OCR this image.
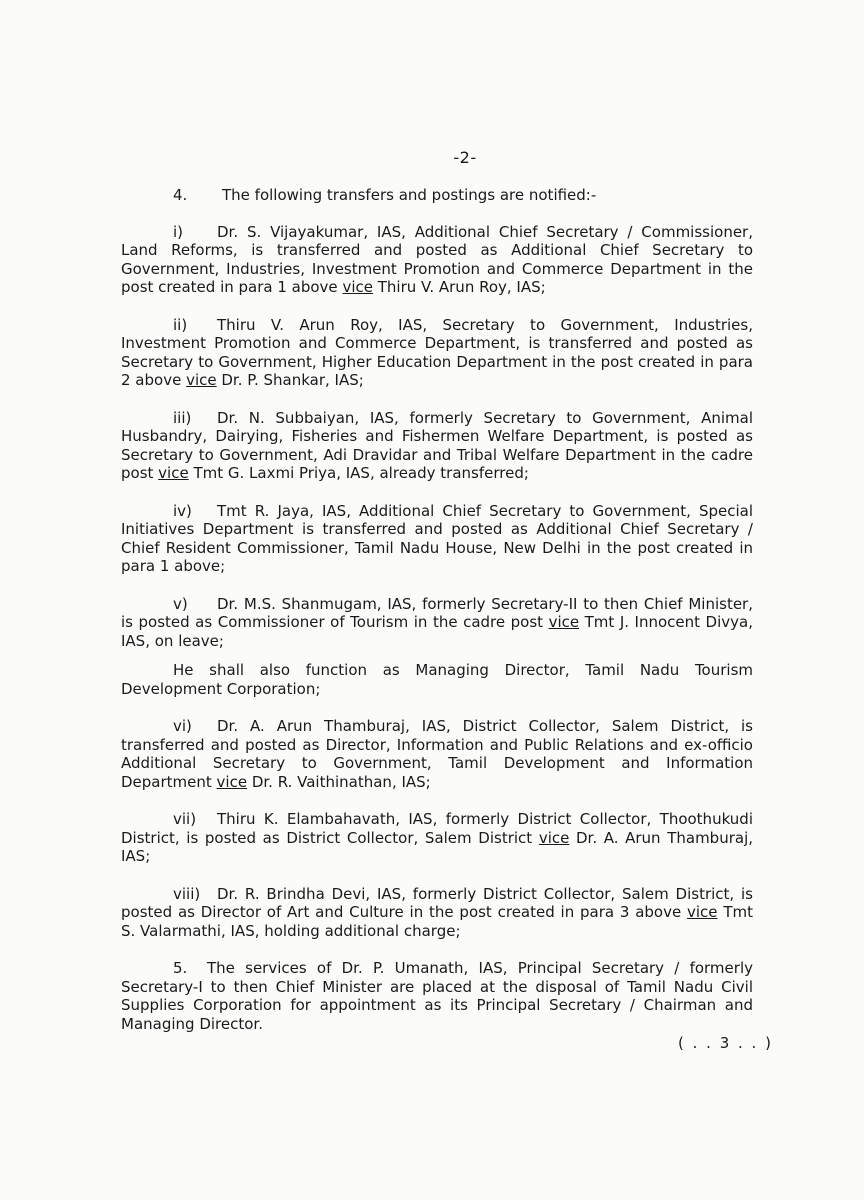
-2-

4. The following transfers and postings are notified:-

i) Dr. S. Vijayakumar, IAS, Additional Chief Secretary / Commissioner, Land Reforms, is transferred and posted as Additional Chief Secretary to Government, Industries, Investment Promotion and Commerce Department in the post created in para 1 above vice Thiru V. Arun Roy, IAS;

ii) Thiru V. Arun Roy, IAS, Secretary to Government, Industries, Investment Promotion and Commerce Department, is transferred and posted as Secretary to Government, Higher Education Department in the post created in para 2 above vice Dr. P. Shankar, IAS;

iii) Dr. N. Subbaiyan, IAS, formerly Secretary to Government, Animal Husbandry, Dairying, Fisheries and Fishermen Welfare Department, is posted as Secretary to Government, Adi Dravidar and Tribal Welfare Department in the cadre post vice Tmt G. Laxmi Priya, IAS, already transferred;

iv) Tmt R. Jaya, IAS, Additional Chief Secretary to Government, Special Initiatives Department is transferred and posted as Additional Chief Secretary / Chief Resident Commissioner, Tamil Nadu House, New Delhi in the post created in para 1 above;

v) Dr. M.S. Shanmugam, IAS, formerly Secretary-II to then Chief Minister, is posted as Commissioner of Tourism in the cadre post vice Tmt J. Innocent Divya, IAS, on leave;

He shall also function as Managing Director, Tamil Nadu Tourism Development Corporation;

vi) Dr. A. Arun Thamburaj, IAS, District Collector, Salem District, is transferred and posted as Director, Information and Public Relations and ex-officio Additional Secretary to Government, Tamil Development and Information Department vice Dr. R. Vaithinathan, IAS;

vii) Thiru K. Elambahavath, IAS, formerly District Collector, Thoothukudi District, is posted as District Collector, Salem District vice Dr. A. Arun Thamburaj, IAS;

viii) Dr. R. Brindha Devi, IAS, formerly District Collector, Salem District, is posted as Director of Art and Culture in the post created in para 3 above vice Tmt S. Valarmathi, IAS, holding additional charge;

5. The services of Dr. P. Umanath, IAS, Principal Secretary / formerly Secretary-I to then Chief Minister are placed at the disposal of Tamil Nadu Civil Supplies Corporation for appointment as its Principal Secretary / Chairman and Managing Director.

( . . 3 . . )
